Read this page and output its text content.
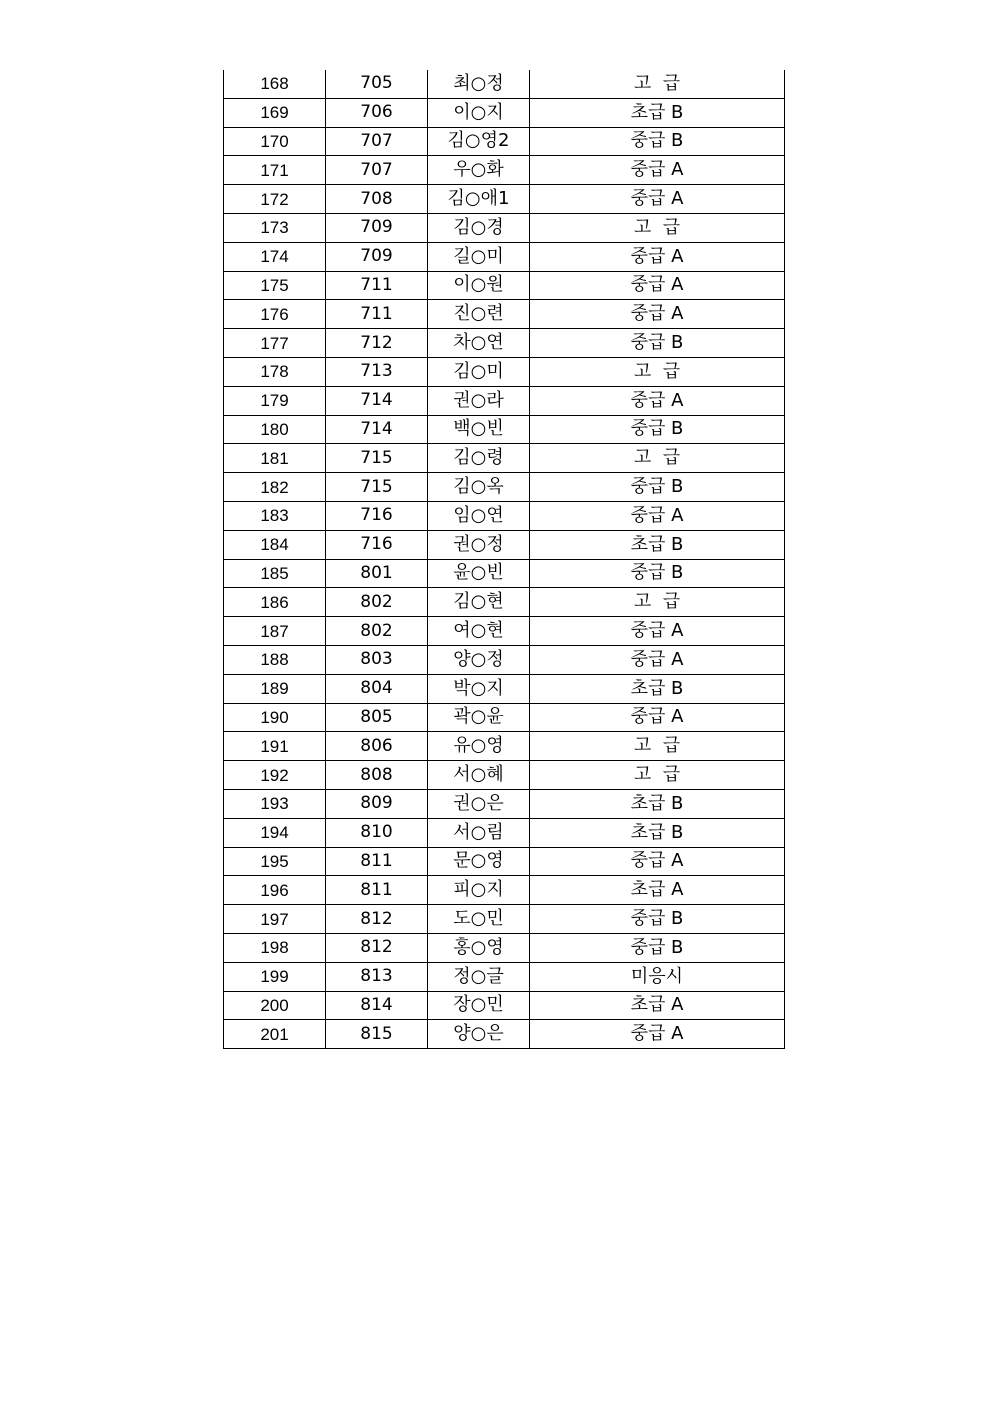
168	705	최○정	고  급
169	706	이○지	초급 B
170	707	김○영2	중급 B
171	707	우○화	중급 A
172	708	김○애1	중급 A
173	709	김○경	고  급
174	709	길○미	중급 A
175	711	이○원	중급 A
176	711	진○련	중급 A
177	712	차○연	중급 B
178	713	김○미	고  급
179	714	권○라	중급 A
180	714	백○빈	중급 B
181	715	김○령	고  급
182	715	김○옥	중급 B
183	716	임○연	중급 A
184	716	권○정	초급 B
185	801	윤○빈	중급 B
186	802	김○현	고  급
187	802	여○현	중급 A
188	803	양○정	중급 A
189	804	박○지	초급 B
190	805	곽○윤	중급 A
191	806	유○영	고  급
192	808	서○혜	고  급
193	809	권○은	초급 B
194	810	서○림	초급 B
195	811	문○영	중급 A
196	811	피○지	초급 A
197	812	도○민	중급 B
198	812	홍○영	중급 B
199	813	정○글	미응시
200	814	장○민	초급 A
201	815	양○은	중급 A
